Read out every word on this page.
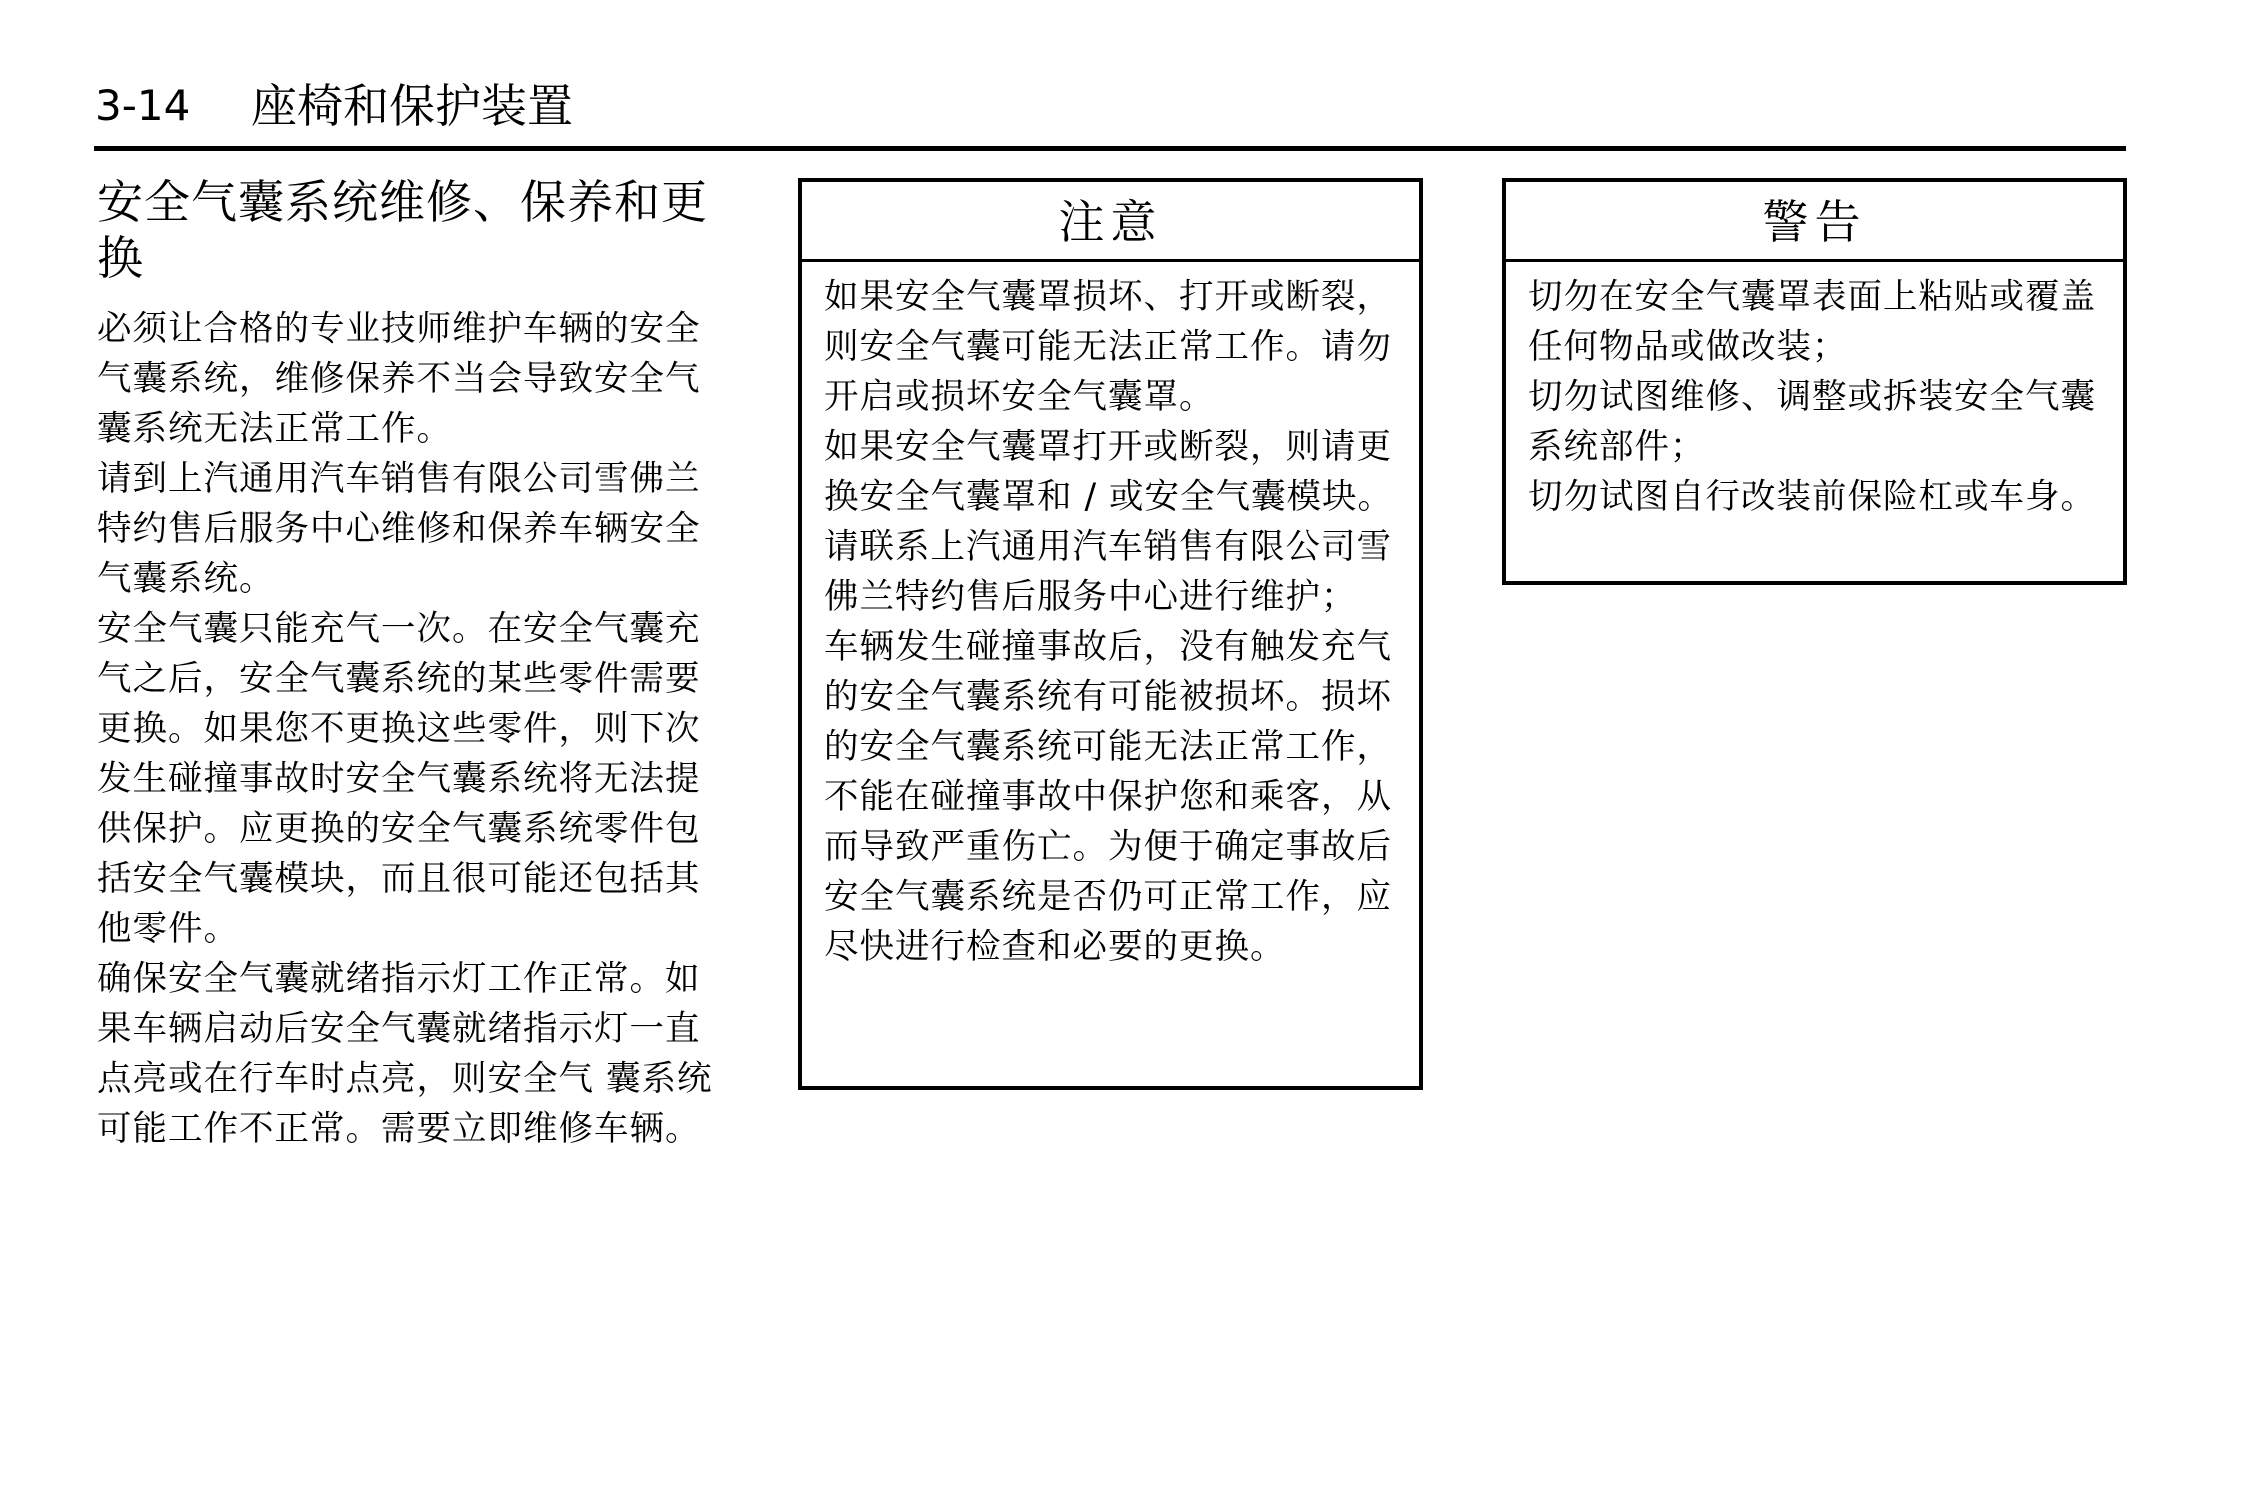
3-14	座椅和保护装置
安全气囊系统维修、保养和更换

必须让合格的专业技师维护车辆的安全气囊系统，维修保养不当会导致安全气囊系统无法正常工作。

请到上汽通用汽车销售有限公司雪佛兰特约售后服务中心维修和保养车辆安全气囊系统。

安全气囊只能充气一次。在安全气囊充气之后，安全气囊系统的某些零件需要更换。如果您不更换这些零件，则下次发生碰撞事故时安全气囊系统将无法提供保护。应更换的安全气囊系统零件包括安全气囊模块，而且很可能还包括其他零件。

确保安全气囊就绪指示灯工作正常。如果车辆启动后安全气囊就绪指示灯一直点亮或在行车时点亮，则安全气 囊系统可能工作不正常。需要立即维修车辆。

注意

如果安全气囊罩损坏、打开或断裂，则安全气囊可能无法正常工作。请勿开启或损坏安全气囊罩。

如果安全气囊罩打开或断裂，则请更换安全气囊罩和 / 或安全气囊模块。请联系上汽通用汽车销售有限公司雪佛兰特约售后服务中心进行维护；

车辆发生碰撞事故后，没有触发充气的安全气囊系统有可能被损坏。损坏的安全气囊系统可能无法正常工作，不能在碰撞事故中保护您和乘客，从而导致严重伤亡。为便于确定事故后安全气囊系统是否仍可正常工作，应尽快进行检查和必要的更换。

警告

切勿在安全气囊罩表面上粘贴或覆盖任何物品或做改装；

切勿试图维修、调整或拆装安全气囊系统部件；

切勿试图自行改装前保险杠或车身。
